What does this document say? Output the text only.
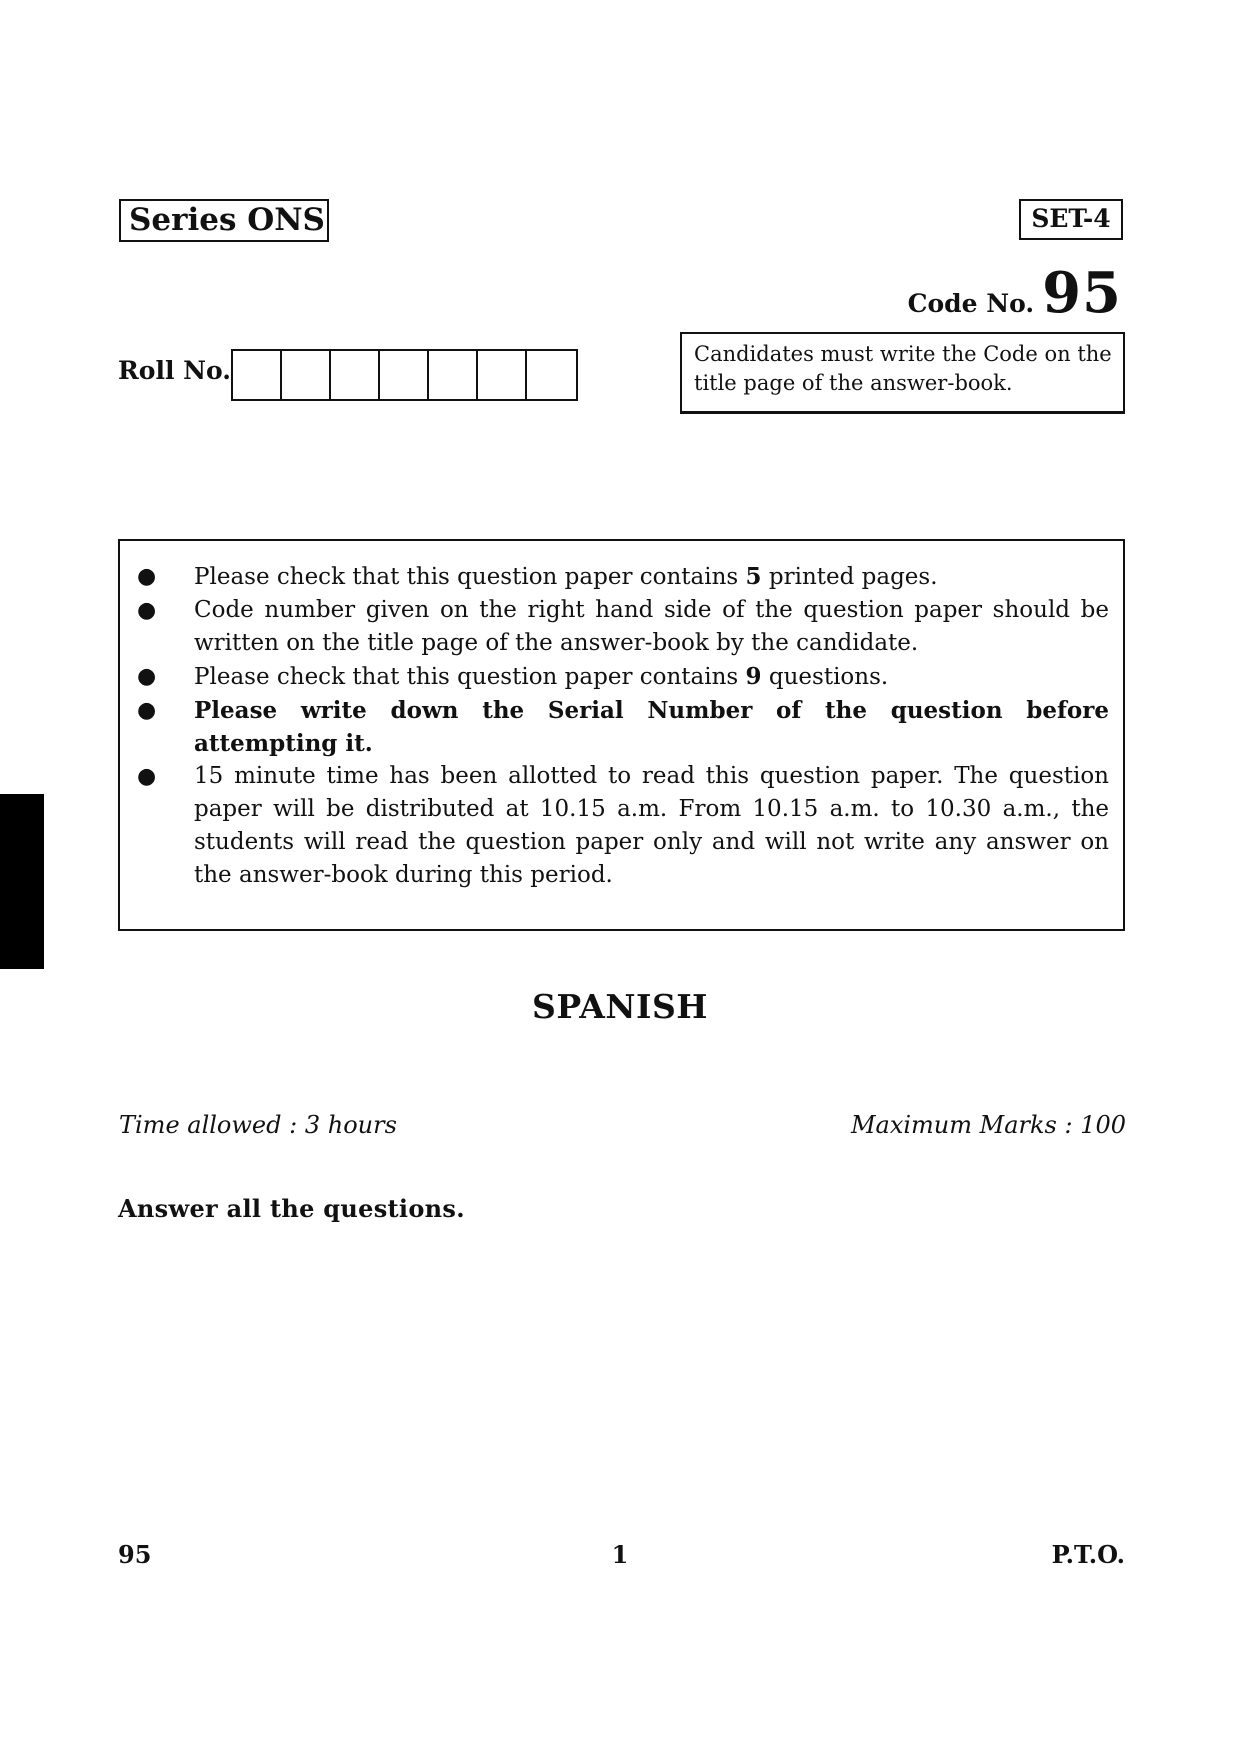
Series ONS	SET-4
Code No. 95
Roll No.
Candidates must write the Code on the title page of the answer-book.
● Please check that this question paper contains 5 printed pages.
● Code number given on the right hand side of the question paper should be written on the title page of the answer-book by the candidate.
● Please check that this question paper contains 9 questions.
● Please write down the Serial Number of the question before attempting it.
● 15 minute time has been allotted to read this question paper. The question paper will be distributed at 10.15 a.m. From 10.15 a.m. to 10.30 a.m., the students will read the question paper only and will not write any answer on the answer-book during this period.
SPANISH
Time allowed : 3 hours	Maximum Marks : 100
Answer all the questions.
95	1	P.T.O.
